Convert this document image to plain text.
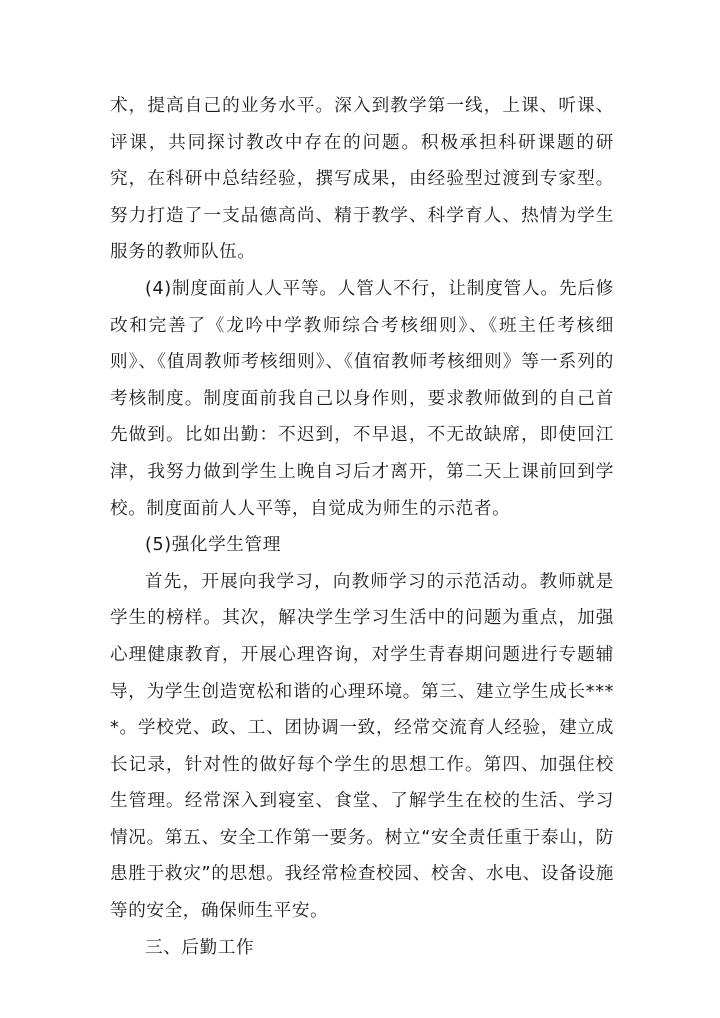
术，提高自己的业务水平。深入到教学第一线，上课、听课、评课，共同探讨教改中存在的问题。积极承担科研课题的研究，在科研中总结经验，撰写成果，由经验型过渡到专家型。努力打造了一支品德高尚、精于教学、科学育人、热情为学生服务的教师队伍。

(4)制度面前人人平等。人管人不行，让制度管人。先后修改和完善了《龙吟中学教师综合考核细则》、《班主任考核细则》、《值周教师考核细则》、《值宿教师考核细则》等一系列的考核制度。制度面前我自己以身作则，要求教师做到的自己首先做到。比如出勤：不迟到，不早退，不无故缺席，即使回江津，我努力做到学生上晚自习后才离开，第二天上课前回到学校。制度面前人人平等，自觉成为师生的示范者。

(5)强化学生管理

首先，开展向我学习，向教师学习的示范活动。教师就是学生的榜样。其次，解决学生学习生活中的问题为重点，加强心理健康教育，开展心理咨询，对学生青春期问题进行专题辅导，为学生创造宽松和谐的心理环境。第三、建立学生成长****。学校党、政、工、团协调一致，经常交流育人经验，建立成长记录，针对性的做好每个学生的思想工作。第四、加强住校生管理。经常深入到寝室、食堂、了解学生在校的生活、学习情况。第五、安全工作第一要务。树立“安全责任重于泰山，防患胜于救灾”的思想。我经常检查校园、校舍、水电、设备设施等的安全，确保师生平安。

三、后勤工作
